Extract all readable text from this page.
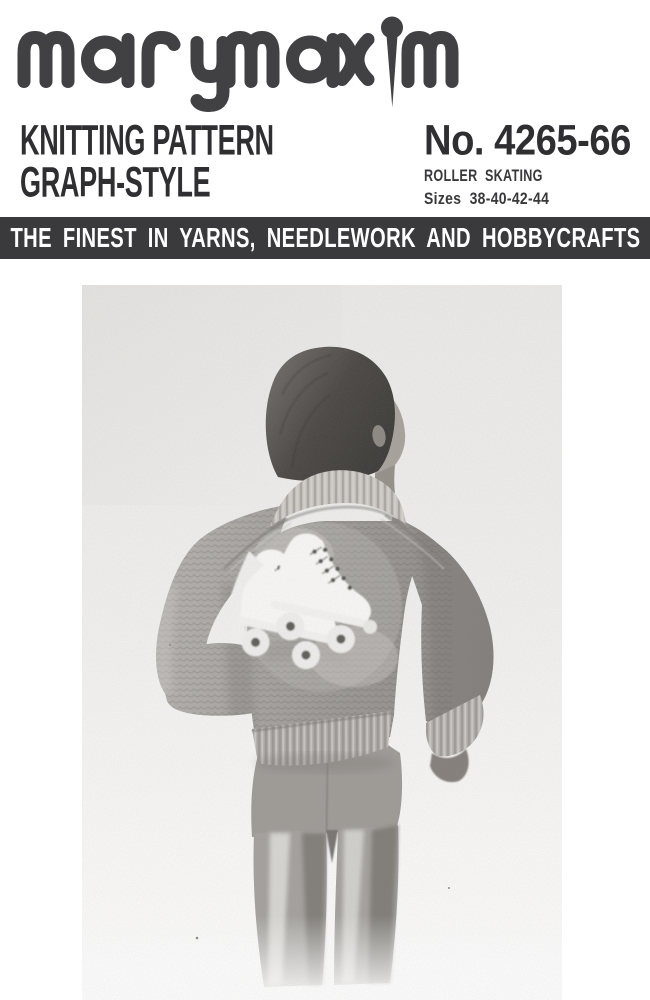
KNITTING PATTERN
GRAPH-STYLE
No. 4265-66
ROLLER SKATING
Sizes 38-40-42-44
THE FINEST IN YARNS, NEEDLEWORK AND HOBBYCRAFTS
